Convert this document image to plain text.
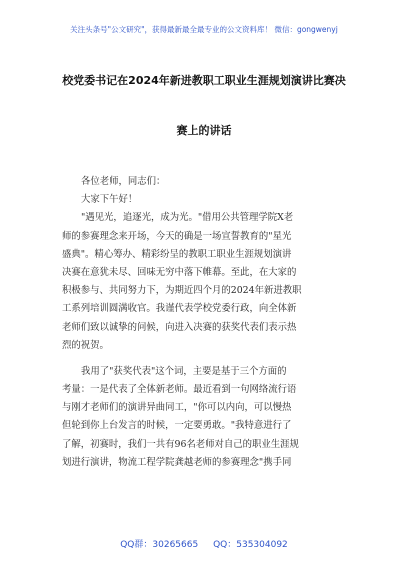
关注头条号"公文研究"，获得最新最全最专业的公文资料库！ 微信：gongwenyj
校党委书记在2024年新进教职工职业生涯规划演讲比赛决
赛上的讲话
各位老师，同志们：
大家下午好！
"遇见光，追逐光，成为光。"借用公共管理学院X老
师的参赛理念来开场，今天的确是一场宣誓教育的"星光
盛典"。精心筹办、精彩纷呈的教职工职业生涯规划演讲
决赛在意犹未尽、回味无穷中落下帷幕。至此，在大家的
积极参与、共同努力下，为期近四个月的2024年新进教职
工系列培训圆满收官。我谨代表学校党委行政，向全体新
老师们致以诚挚的问候，向进入决赛的获奖代表们表示热
烈的祝贺。
我用了"获奖代表"这个词，主要是基于三个方面的
考量：一是代表了全体新老师。最近看到一句网络流行语
与刚才老师们的演讲异曲同工，"你可以内向，可以慢热
但轮到你上台发言的时候，一定要勇敢。"我特意进行了
了解，初赛时，我们一共有96名老师对自己的职业生涯规
划进行演讲，物流工程学院龚越老师的参赛理念"携手同
QQ群：30265665 QQ：535304092
